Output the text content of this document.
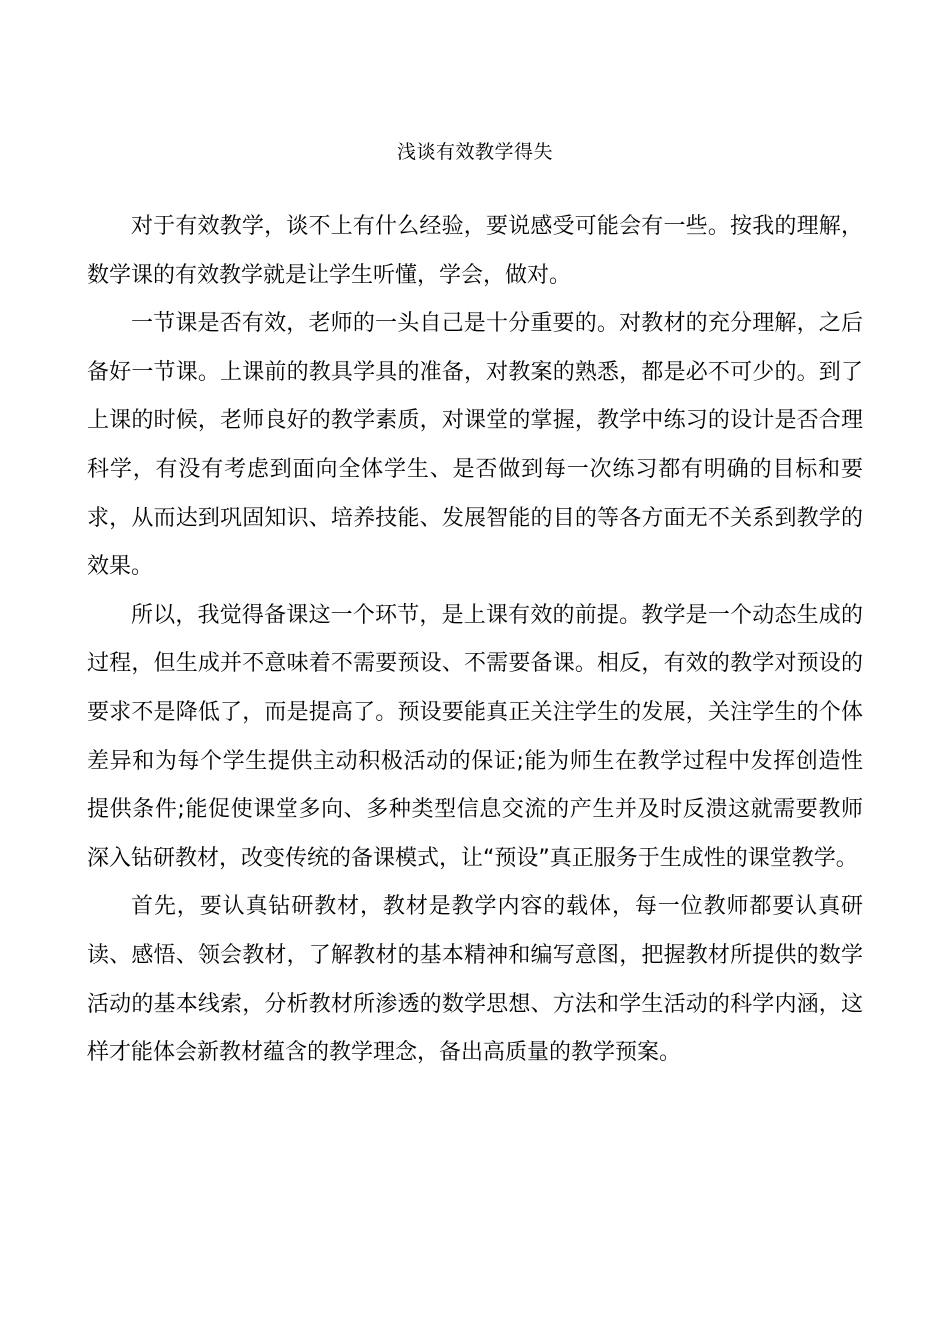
浅谈有效教学得失

对于有效教学，谈不上有什么经验，要说感受可能会有一些。按我的理解，数学课的有效教学就是让学生听懂，学会，做对。

一节课是否有效，老师的一头自己是十分重要的。对教材的充分理解，之后备好一节课。上课前的教具学具的准备，对教案的熟悉，都是必不可少的。到了上课的时候，老师良好的教学素质，对课堂的掌握，教学中练习的设计是否合理科学，有没有考虑到面向全体学生、是否做到每一次练习都有明确的目标和要求，从而达到巩固知识、培养技能、发展智能的目的等各方面无不关系到教学的效果。

所以，我觉得备课这一个环节，是上课有效的前提。教学是一个动态生成的过程，但生成并不意味着不需要预设、不需要备课。相反，有效的教学对预设的要求不是降低了，而是提高了。预设要能真正关注学生的发展，关注学生的个体差异和为每个学生提供主动积极活动的保证;能为师生在教学过程中发挥创造性提供条件;能促使课堂多向、多种类型信息交流的产生并及时反溃这就需要教师深入钻研教材，改变传统的备课模式，让“预设”真正服务于生成性的课堂教学。

首先，要认真钻研教材，教材是教学内容的载体，每一位教师都要认真研读、感悟、领会教材，了解教材的基本精神和编写意图，把握教材所提供的数学活动的基本线索，分析教材所渗透的数学思想、方法和学生活动的科学内涵，这样才能体会新教材蕴含的教学理念，备出高质量的教学预案。
